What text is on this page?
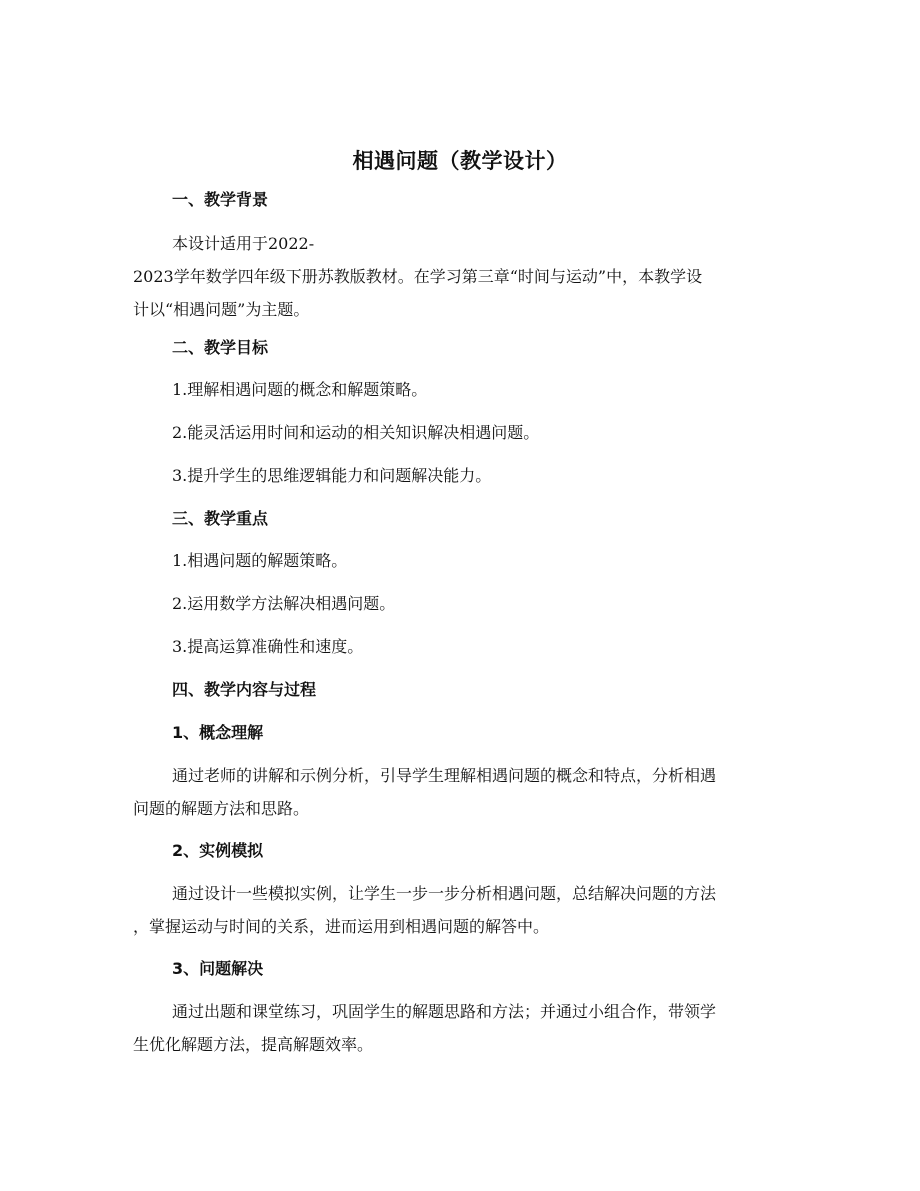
相遇问题（教学设计）
一、教学背景
本设计适用于2022-
2023学年数学四年级下册苏教版教材。在学习第三章“时间与运动”中，本教学设
计以“相遇问题”为主题。
二、教学目标
1.理解相遇问题的概念和解题策略。
2.能灵活运用时间和运动的相关知识解决相遇问题。
3.提升学生的思维逻辑能力和问题解决能力。
三、教学重点
1.相遇问题的解题策略。
2.运用数学方法解决相遇问题。
3.提高运算准确性和速度。
四、教学内容与过程
1、概念理解
通过老师的讲解和示例分析，引导学生理解相遇问题的概念和特点，分析相遇
问题的解题方法和思路。
2、实例模拟
通过设计一些模拟实例，让学生一步一步分析相遇问题，总结解决问题的方法
，掌握运动与时间的关系，进而运用到相遇问题的解答中。
3、问题解决
通过出题和课堂练习，巩固学生的解题思路和方法；并通过小组合作，带领学
生优化解题方法，提高解题效率。
